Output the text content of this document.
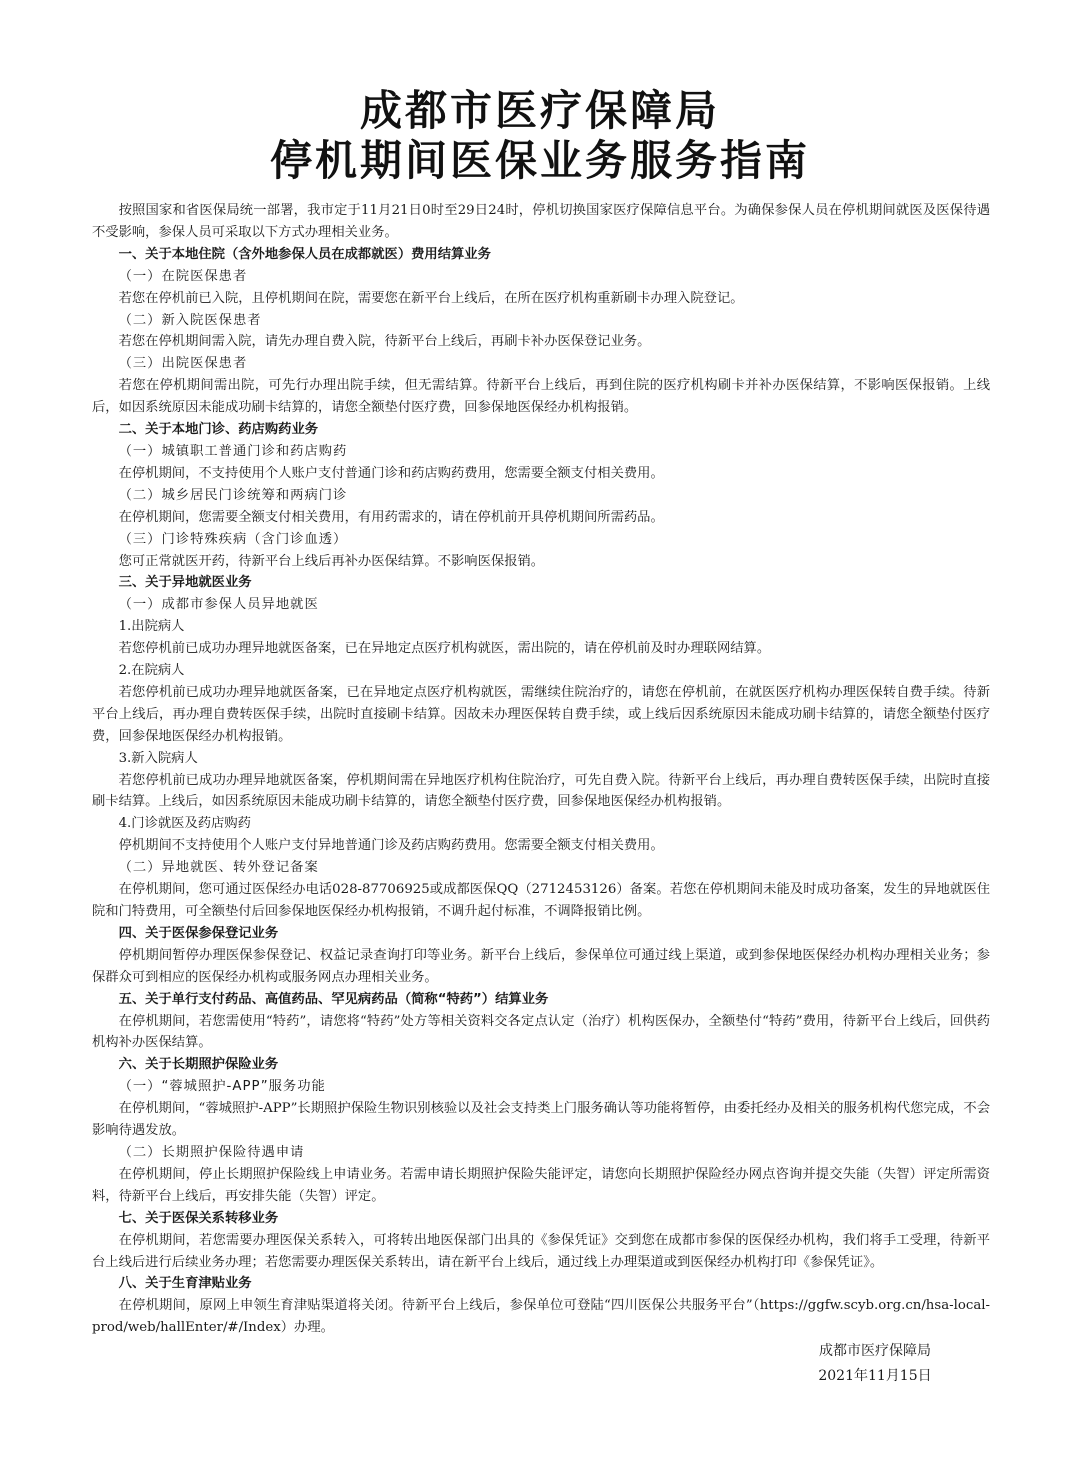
成都市医疗保障局
停机期间医保业务服务指南

按照国家和省医保局统一部署，我市定于11月21日0时至29日24时，停机切换国家医疗保障信息平台。为确保参保人员在停机期间就医及医保待遇不受影响，参保人员可采取以下方式办理相关业务。

一、关于本地住院（含外地参保人员在成都就医）费用结算业务

（一）在院医保患者

若您在停机前已入院，且停机期间在院，需要您在新平台上线后，在所在医疗机构重新刷卡办理入院登记。

（二）新入院医保患者

若您在停机期间需入院，请先办理自费入院，待新平台上线后，再刷卡补办医保登记业务。

（三）出院医保患者

若您在停机期间需出院，可先行办理出院手续，但无需结算。待新平台上线后，再到住院的医疗机构刷卡并补办医保结算，不影响医保报销。上线后，如因系统原因未能成功刷卡结算的，请您全额垫付医疗费，回参保地医保经办机构报销。

二、关于本地门诊、药店购药业务

（一）城镇职工普通门诊和药店购药

在停机期间，不支持使用个人账户支付普通门诊和药店购药费用，您需要全额支付相关费用。

（二）城乡居民门诊统筹和两病门诊

在停机期间，您需要全额支付相关费用，有用药需求的，请在停机前开具停机期间所需药品。

（三）门诊特殊疾病（含门诊血透）

您可正常就医开药，待新平台上线后再补办医保结算。不影响医保报销。

三、关于异地就医业务

（一）成都市参保人员异地就医

1.出院病人

若您停机前已成功办理异地就医备案，已在异地定点医疗机构就医，需出院的，请在停机前及时办理联网结算。

2.在院病人

若您停机前已成功办理异地就医备案，已在异地定点医疗机构就医，需继续住院治疗的，请您在停机前，在就医医疗机构办理医保转自费手续。待新平台上线后，再办理自费转医保手续，出院时直接刷卡结算。因故未办理医保转自费手续，或上线后因系统原因未能成功刷卡结算的，请您全额垫付医疗费，回参保地医保经办机构报销。

3.新入院病人

若您停机前已成功办理异地就医备案，停机期间需在异地医疗机构住院治疗，可先自费入院。待新平台上线后，再办理自费转医保手续，出院时直接刷卡结算。上线后，如因系统原因未能成功刷卡结算的，请您全额垫付医疗费，回参保地医保经办机构报销。

4.门诊就医及药店购药

停机期间不支持使用个人账户支付异地普通门诊及药店购药费用。您需要全额支付相关费用。

（二）异地就医、转外登记备案

在停机期间，您可通过医保经办电话028-87706925或成都医保QQ（2712453126）备案。若您在停机期间未能及时成功备案，发生的异地就医住院和门特费用，可全额垫付后回参保地医保经办机构报销，不调升起付标准，不调降报销比例。

四、关于医保参保登记业务

停机期间暂停办理医保参保登记、权益记录查询打印等业务。新平台上线后，参保单位可通过线上渠道，或到参保地医保经办机构办理相关业务；参保群众可到相应的医保经办机构或服务网点办理相关业务。

五、关于单行支付药品、高值药品、罕见病药品（简称“特药”）结算业务

在停机期间，若您需使用“特药”，请您将“特药”处方等相关资料交各定点认定（治疗）机构医保办，全额垫付“特药”费用，待新平台上线后，回供药机构补办医保结算。

六、关于长期照护保险业务

（一）“蓉城照护-APP”服务功能

在停机期间，“蓉城照护-APP”长期照护保险生物识别核验以及社会支持类上门服务确认等功能将暂停，由委托经办及相关的服务机构代您完成，不会影响待遇发放。

（二）长期照护保险待遇申请

在停机期间，停止长期照护保险线上申请业务。若需申请长期照护保险失能评定，请您向长期照护保险经办网点咨询并提交失能（失智）评定所需资料，待新平台上线后，再安排失能（失智）评定。

七、关于医保关系转移业务

在停机期间，若您需要办理医保关系转入，可将转出地医保部门出具的《参保凭证》交到您在成都市参保的医保经办机构，我们将手工受理，待新平台上线后进行后续业务办理；若您需要办理医保关系转出，请在新平台上线后，通过线上办理渠道或到医保经办机构打印《参保凭证》。

八、关于生育津贴业务

在停机期间，原网上申领生育津贴渠道将关闭。待新平台上线后，参保单位可登陆“四川医保公共服务平台”（https://ggfw.scyb.org.cn/hsa-local-prod/web/hallEnter/#/Index）办理。

成都市医疗保障局
2021年11月15日
